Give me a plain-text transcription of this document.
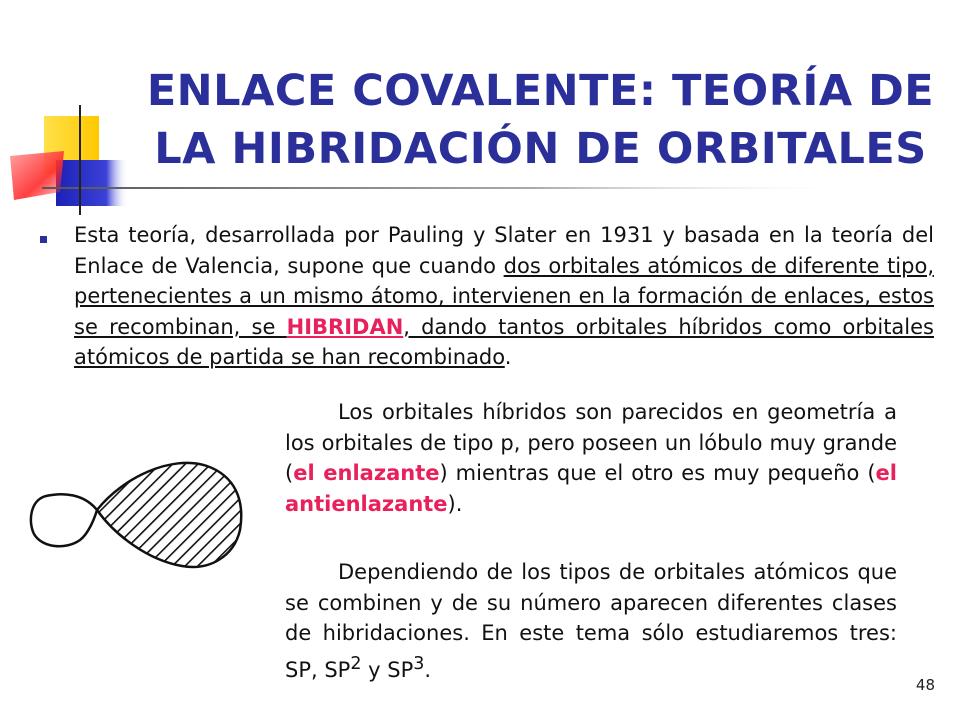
ENLACE COVALENTE: TEORÍA DE
LA HIBRIDACIÓN DE ORBITALES

Esta teoría, desarrollada por Pauling y Slater en 1931 y basada en la teoría del Enlace de Valencia, supone que cuando dos orbitales atómicos de diferente tipo, pertenecientes a un mismo átomo, intervienen en la formación de enlaces, estos se recombinan, se HIBRIDAN, dando tantos orbitales híbridos como orbitales atómicos de partida se han recombinado.

Los orbitales híbridos son parecidos en geometría a los orbitales de tipo p, pero poseen un lóbulo muy grande (el enlazante) mientras que el otro es muy pequeño (el antienlazante).

Dependiendo de los tipos de orbitales atómicos que se combinen y de su número aparecen diferentes clases de hibridaciones. En este tema sólo estudiaremos tres: SP, $SP^2$ y $SP^3$.

48
